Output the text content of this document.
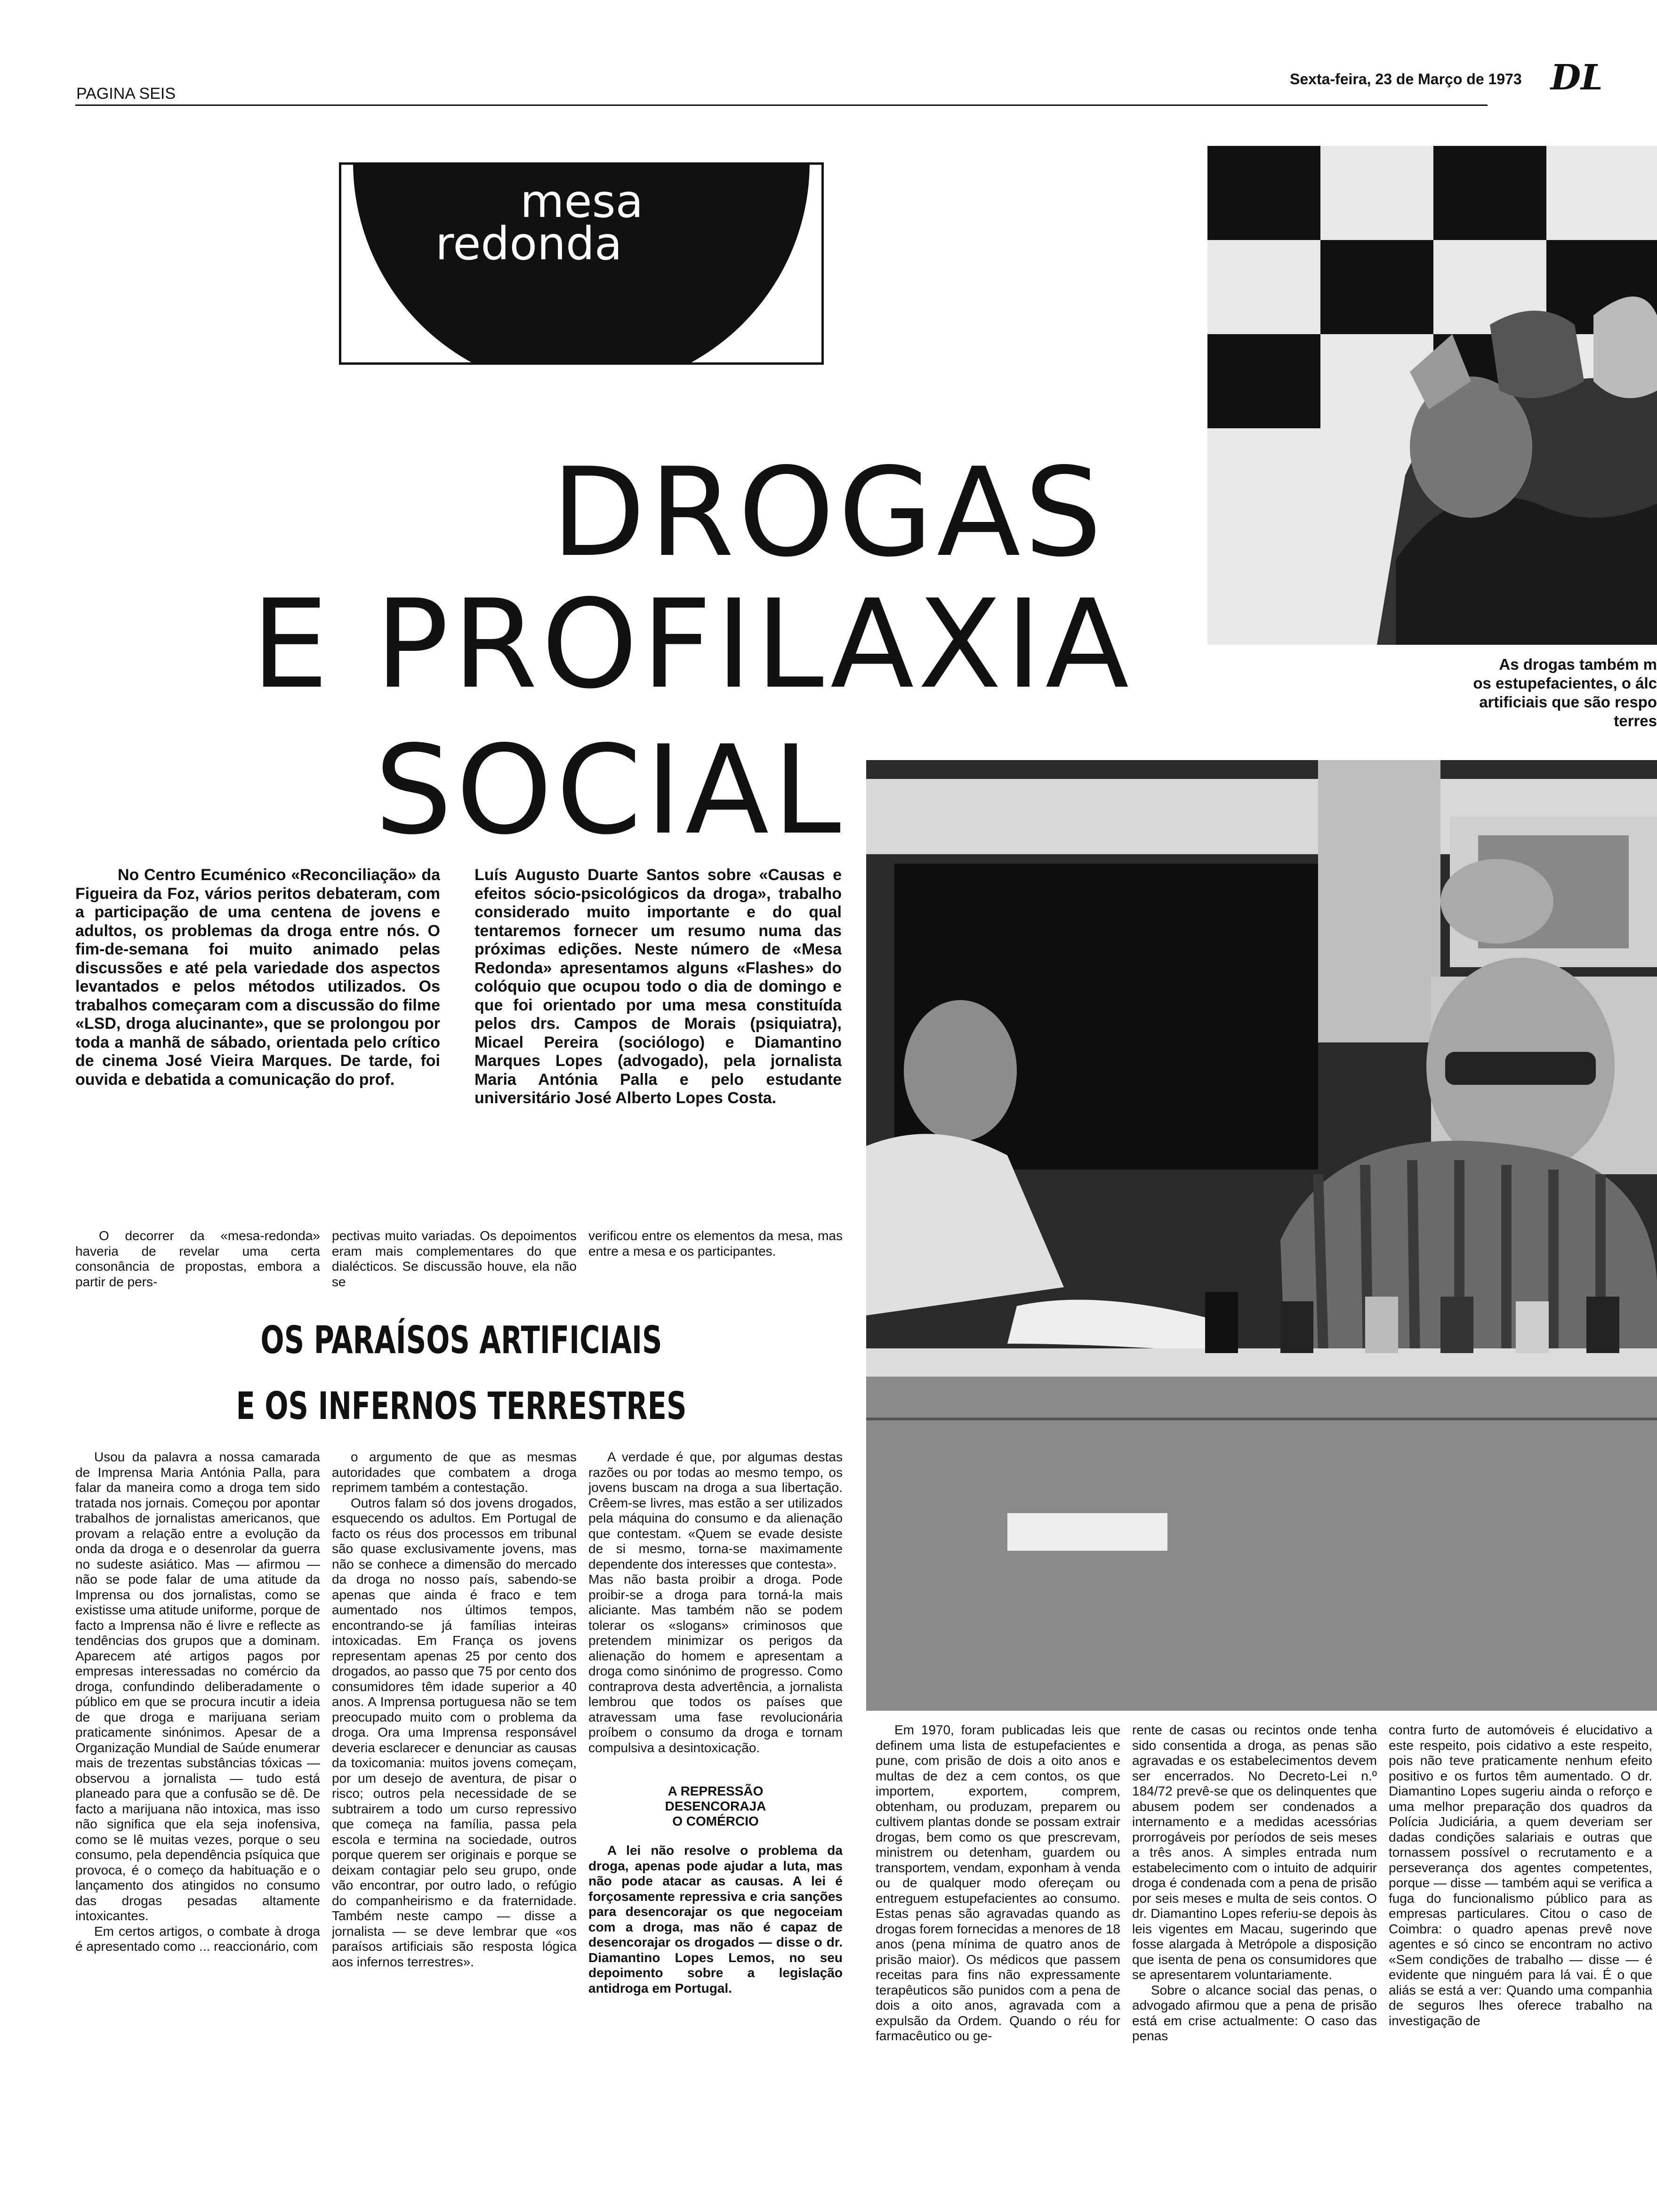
PAGINA SEIS
Sexta-feira, 23 de Março de 1973 DL
mesa
redonda
DROGAS
E PROFILAXIA
SOCIAL
As drogas também m
os estupefacientes, o álc
artificiais que são respo
terres

No Centro Ecuménico «Reconciliação» da Figueira da Foz, vários peritos debateram, com a participação de uma centena de jovens e adultos, os problemas da droga entre nós. O fim-de-semana foi muito animado pelas discussões e até pela variedade dos aspectos levantados e pelos métodos utilizados. Os trabalhos começaram com a discussão do filme «LSD, droga alucinante», que se prolongou por toda a manhã de sábado, orientada pelo crítico de cinema José Vieira Marques. De tarde, foi ouvida e debatida a comunicação do prof.

Luís Augusto Duarte Santos sobre «Causas e efeitos sócio-psicológicos da droga», trabalho considerado muito importante e do qual tentaremos fornecer um resumo numa das próximas edições. Neste número de «Mesa Redonda» apresentamos alguns «Flashes» do colóquio que ocupou todo o dia de domingo e que foi orientado por uma mesa constituída pelos drs. Campos de Morais (psiquiatra), Micael Pereira (sociólogo) e Diamantino Marques Lopes (advogado), pela jornalista Maria Antónia Palla e pelo estudante universitário José Alberto Lopes Costa.

O decorrer da «mesa-redonda» haveria de revelar uma certa consonância de propostas, embora a partir de pers-

pectivas muito variadas. Os depoimentos eram mais complementares do que dialécticos. Se discussão houve, ela não se

verificou entre os elementos da mesa, mas entre a mesa e os participantes.

OS PARAÍSOS ARTIFICIAIS
E OS INFERNOS TERRESTRES

Usou da palavra a nossa camarada de Imprensa Maria Antónia Palla, para falar da maneira como a droga tem sido tratada nos jornais. Começou por apontar trabalhos de jornalistas americanos, que provam a relação entre a evolução da onda da droga e o desenrolar da guerra no sudeste asiático. Mas — afirmou — não se pode falar de uma atitude da Imprensa ou dos jornalistas, como se existisse uma atitude uniforme, porque de facto a Imprensa não é livre e reflecte as tendências dos grupos que a dominam. Aparecem até artigos pagos por empresas interessadas no comércio da droga, confundindo deliberadamente o público em que se procura incutir a ideia de que droga e marijuana seriam praticamente sinónimos. Apesar de a Organização Mundial de Saúde enumerar mais de trezentas substâncias tóxicas — observou a jornalista — tudo está planeado para que a confusão se dê. De facto a marijuana não intoxica, mas isso não significa que ela seja inofensiva, como se lê muitas vezes, porque o seu consumo, pela dependência psíquica que provoca, é o começo da habituação e o lançamento dos atingidos no consumo das drogas pesadas altamente intoxicantes.

Em certos artigos, o combate à droga é apresentado como ... reaccionário, com

o argumento de que as mesmas autoridades que combatem a droga reprimem também a contestação.

Outros falam só dos jovens drogados, esquecendo os adultos. Em Portugal de facto os réus dos processos em tribunal são quase exclusivamente jovens, mas não se conhece a dimensão do mercado da droga no nosso país, sabendo-se apenas que ainda é fraco e tem aumentado nos últimos tempos, encontrando-se já famílias inteiras intoxicadas. Em França os jovens representam apenas 25 por cento dos drogados, ao passo que 75 por cento dos consumidores têm idade superior a 40 anos. A Imprensa portuguesa não se tem preocupado muito com o problema da droga. Ora uma Imprensa responsável deveria esclarecer e denunciar as causas da toxicomania: muitos jovens começam, por um desejo de aventura, de pisar o risco; outros pela necessidade de se subtrairem a todo um curso repressivo que começa na família, passa pela escola e termina na sociedade, outros porque querem ser originais e porque se deixam contagiar pelo seu grupo, onde vão encontrar, por outro lado, o refúgio do companheirismo e da fraternidade. Também neste campo — disse a jornalista — se deve lembrar que «os paraísos artificiais são resposta lógica aos infernos terrestres».

A verdade é que, por algumas destas razões ou por todas ao mesmo tempo, os jovens buscam na droga a sua libertação. Crêem-se livres, mas estão a ser utilizados pela máquina do consumo e da alienação que contestam. «Quem se evade desiste de si mesmo, torna-se maximamente dependente dos interesses que contesta».

Mas não basta proibir a droga. Pode proibir-se a droga para torná-la mais aliciante. Mas também não se podem tolerar os «slogans» criminosos que pretendem minimizar os perigos da alienação do homem e apresentam a droga como sinónimo de progresso. Como contraprova desta advertência, a jornalista lembrou que todos os países que atravessam uma fase revolucionária proíbem o consumo da droga e tornam compulsiva a desintoxicação.

A REPRESSÃO
DESENCORAJA
O COMÉRCIO

A lei não resolve o problema da droga, apenas pode ajudar a luta, mas não pode atacar as causas. A lei é forçosamente repressiva e cria sanções para desencorajar os que negoceiam com a droga, mas não é capaz de desencorajar os drogados — disse o dr. Diamantino Lopes Lemos, no seu depoimento sobre a legislação antidroga em Portugal.

Em 1970, foram publicadas leis que definem uma lista de estupefacientes e pune, com prisão de dois a oito anos e multas de dez a cem contos, os que importem, exportem, comprem, obtenham, ou produzam, preparem ou cultivem plantas donde se possam extrair drogas, bem como os que prescrevam, ministrem ou detenham, guardem ou transportem, vendam, exponham à venda ou de qualquer modo ofereçam ou entreguem estupefacientes ao consumo. Estas penas são agravadas quando as drogas forem fornecidas a menores de 18 anos (pena mínima de quatro anos de prisão maior). Os médicos que passem receitas para fins não expressamente terapêuticos são punidos com a pena de dois a oito anos, agravada com a expulsão da Ordem. Quando o réu for farmacêutico ou ge-

rente de casas ou recintos onde tenha sido consentida a droga, as penas são agravadas e os estabelecimentos devem ser encerrados. No Decreto-Lei n.º 184/72 prevê-se que os delinquentes que abusem podem ser condenados a internamento e a medidas acessórias prorrogáveis por períodos de seis meses a três anos. A simples entrada num estabelecimento com o intuito de adquirir droga é condenada com a pena de prisão por seis meses e multa de seis contos. O dr. Diamantino Lopes referiu-se depois às leis vigentes em Macau, sugerindo que fosse alargada à Metrópole a disposição que isenta de pena os consumidores que se apresentarem voluntariamente.

Sobre o alcance social das penas, o advogado afirmou que a pena de prisão está em crise actualmente: O caso das penas

contra furto de automóveis é elucidativo a este respeito, pois cidativo a este respeito, pois não teve praticamente nenhum efeito positivo e os furtos têm aumentado. O dr. Diamantino Lopes sugeriu ainda o reforço e uma melhor preparação dos quadros da Polícia Judiciária, a quem deveriam ser dadas condições salariais e outras que tornassem possível o recrutamento e a perseverança dos agentes competentes, porque — disse — também aqui se verifica a fuga do funcionalismo público para as empresas particulares. Citou o caso de Coimbra: o quadro apenas prevê nove agentes e só cinco se encontram no activo «Sem condições de trabalho — disse — é evidente que ninguém para lá vai. É o que aliás se está a ver: Quando uma companhia de seguros lhes oferece trabalho na investigação de
